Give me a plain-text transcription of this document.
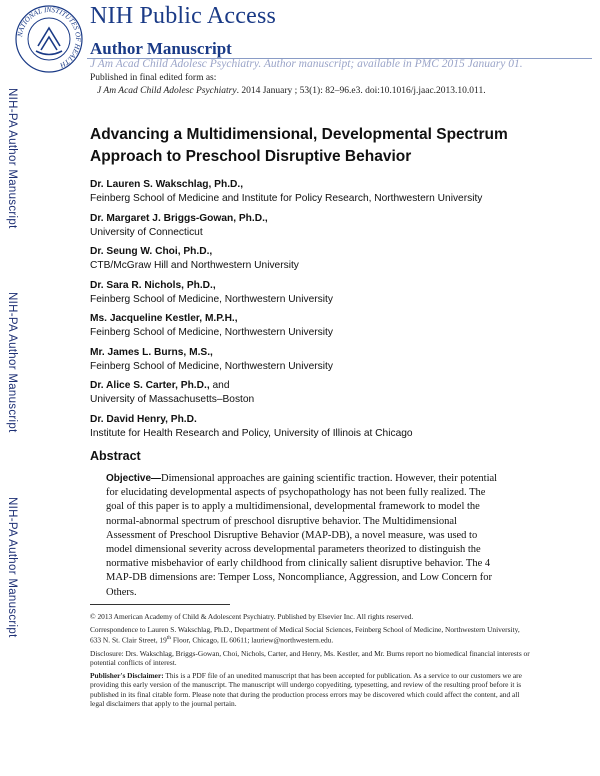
NATIONAL INSTITUTES OF HEALTH
NIH Public Access
Author Manuscript
J Am Acad Child Adolesc Psychiatry. Author manuscript; available in PMC 2015 January 01.
Published in final edited form as:
J Am Acad Child Adolesc Psychiatry. 2014 January ; 53(1): 82–96.e3. doi:10.1016/j.jaac.2013.10.011.
NIH-PA Author Manuscript
NIH-PA Author Manuscript
NIH-PA Author Manuscript
Advancing a Multidimensional, Developmental Spectrum
Approach to Preschool Disruptive Behavior
Dr. Lauren S. Wakschlag, Ph.D.,
Feinberg School of Medicine and Institute for Policy Research, Northwestern University
Dr. Margaret J. Briggs-Gowan, Ph.D.,
University of Connecticut
Dr. Seung W. Choi, Ph.D.,
CTB/McGraw Hill and Northwestern University
Dr. Sara R. Nichols, Ph.D.,
Feinberg School of Medicine, Northwestern University
Ms. Jacqueline Kestler, M.P.H.,
Feinberg School of Medicine, Northwestern University
Mr. James L. Burns, M.S.,
Feinberg School of Medicine, Northwestern University
Dr. Alice S. Carter, Ph.D., and
University of Massachusetts–Boston
Dr. David Henry, Ph.D.
Institute for Health Research and Policy, University of Illinois at Chicago
Abstract
Objective—Dimensional approaches are gaining scientific traction. However, their potential for elucidating developmental aspects of psychopathology has not been fully realized. The goal of this paper is to apply a multidimensional, developmental framework to model the normal-abnormal spectrum of preschool disruptive behavior. The Multidimensional Assessment of Preschool Disruptive Behavior (MAP-DB), a novel measure, was used to model dimensional severity across developmental parameters theorized to distinguish the normative misbehavior of early childhood from clinically salient disruptive behavior. The 4 MAP-DB dimensions are: Temper Loss, Noncompliance, Aggression, and Low Concern for Others.

© 2013 American Academy of Child & Adolescent Psychiatry. Published by Elsevier Inc. All rights reserved.

Correspondence to Lauren S. Wakschlag, Ph.D., Department of Medical Social Sciences, Feinberg School of Medicine, Northwestern University, 633 N. St. Clair Street, 19th Floor, Chicago, IL 60611; lauriew@northwestern.edu.

Disclosure: Drs. Wakschlag, Briggs-Gowan, Choi, Nichols, Carter, and Henry, Ms. Kestler, and Mr. Burns report no biomedical financial interests or potential conflicts of interest.

Publisher's Disclaimer: This is a PDF file of an unedited manuscript that has been accepted for publication. As a service to our customers we are providing this early version of the manuscript. The manuscript will undergo copyediting, typesetting, and review of the resulting proof before it is published in its final citable form. Please note that during the production process errors may be discovered which could affect the content, and all legal disclaimers that apply to the journal pertain.
